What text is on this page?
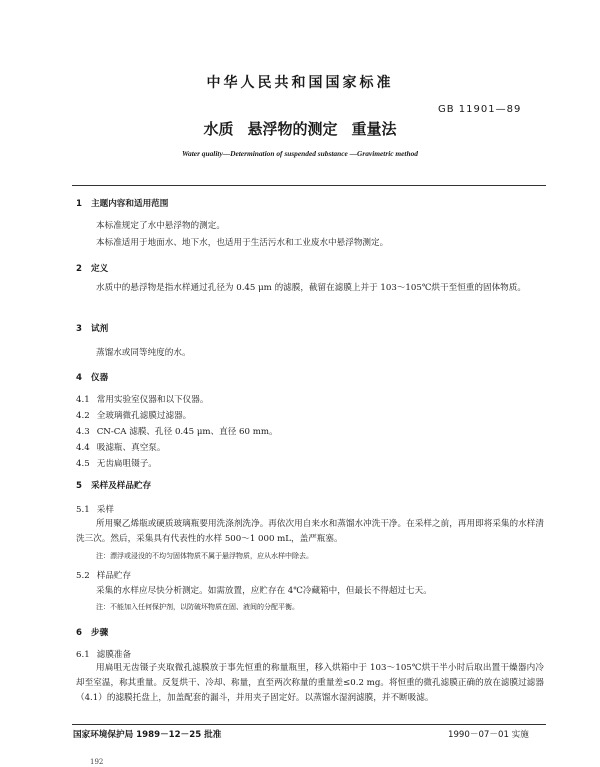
中华人民共和国国家标准
GB 11901—89
水质 悬浮物的测定 重量法
Water quality—Determination of suspended substance —Gravimetric method
1 主题内容和适用范围
本标准规定了水中悬浮物的测定。
本标准适用于地面水、地下水，也适用于生活污水和工业废水中悬浮物测定。
2 定义
水质中的悬浮物是指水样通过孔径为 0.45 μm 的滤膜，截留在滤膜上并于 103～105℃烘干至恒重的固体物质。
3 试剂
蒸馏水或同等纯度的水。
4 仪器
4.1 常用实验室仪器和以下仪器。
4.2 全玻璃微孔滤膜过滤器。
4.3 CN-CA 滤膜、孔径 0.45 μm、直径 60 mm。
4.4 吸滤瓶、真空泵。
4.5 无齿扁咀镊子。
5 采样及样品贮存
5.1 采样
所用聚乙烯瓶或硬质玻璃瓶要用洗涤剂洗净。再依次用自来水和蒸馏水冲洗干净。在采样之前，再用即将采集的水样清洗三次。然后，采集具有代表性的水样 500～1 000 mL，盖严瓶塞。
注：漂浮或浸没的不均匀固体物质不属于悬浮物质，应从水样中除去。
5.2 样品贮存
采集的水样应尽快分析测定。如需放置，应贮存在 4℃冷藏箱中，但最长不得超过七天。
注：不能加入任何保护剂，以防破坏物质在固、液间的分配平衡。
6 步骤
6.1 滤膜准备
用扁咀无齿镊子夹取微孔滤膜放于事先恒重的称量瓶里，移入烘箱中于 103～105℃烘干半小时后取出置干燥器内冷却至室温，称其重量。反复烘干、冷却、称量，直至两次称量的重量差≤0.2 mg。将恒重的微孔滤膜正确的放在滤膜过滤器（4.1）的滤膜托盘上，加盖配套的漏斗，并用夹子固定好。以蒸馏水湿润滤膜，并不断吸滤。
国家环境保护局 1989－12－25 批准	1990－07－01 实施
192
